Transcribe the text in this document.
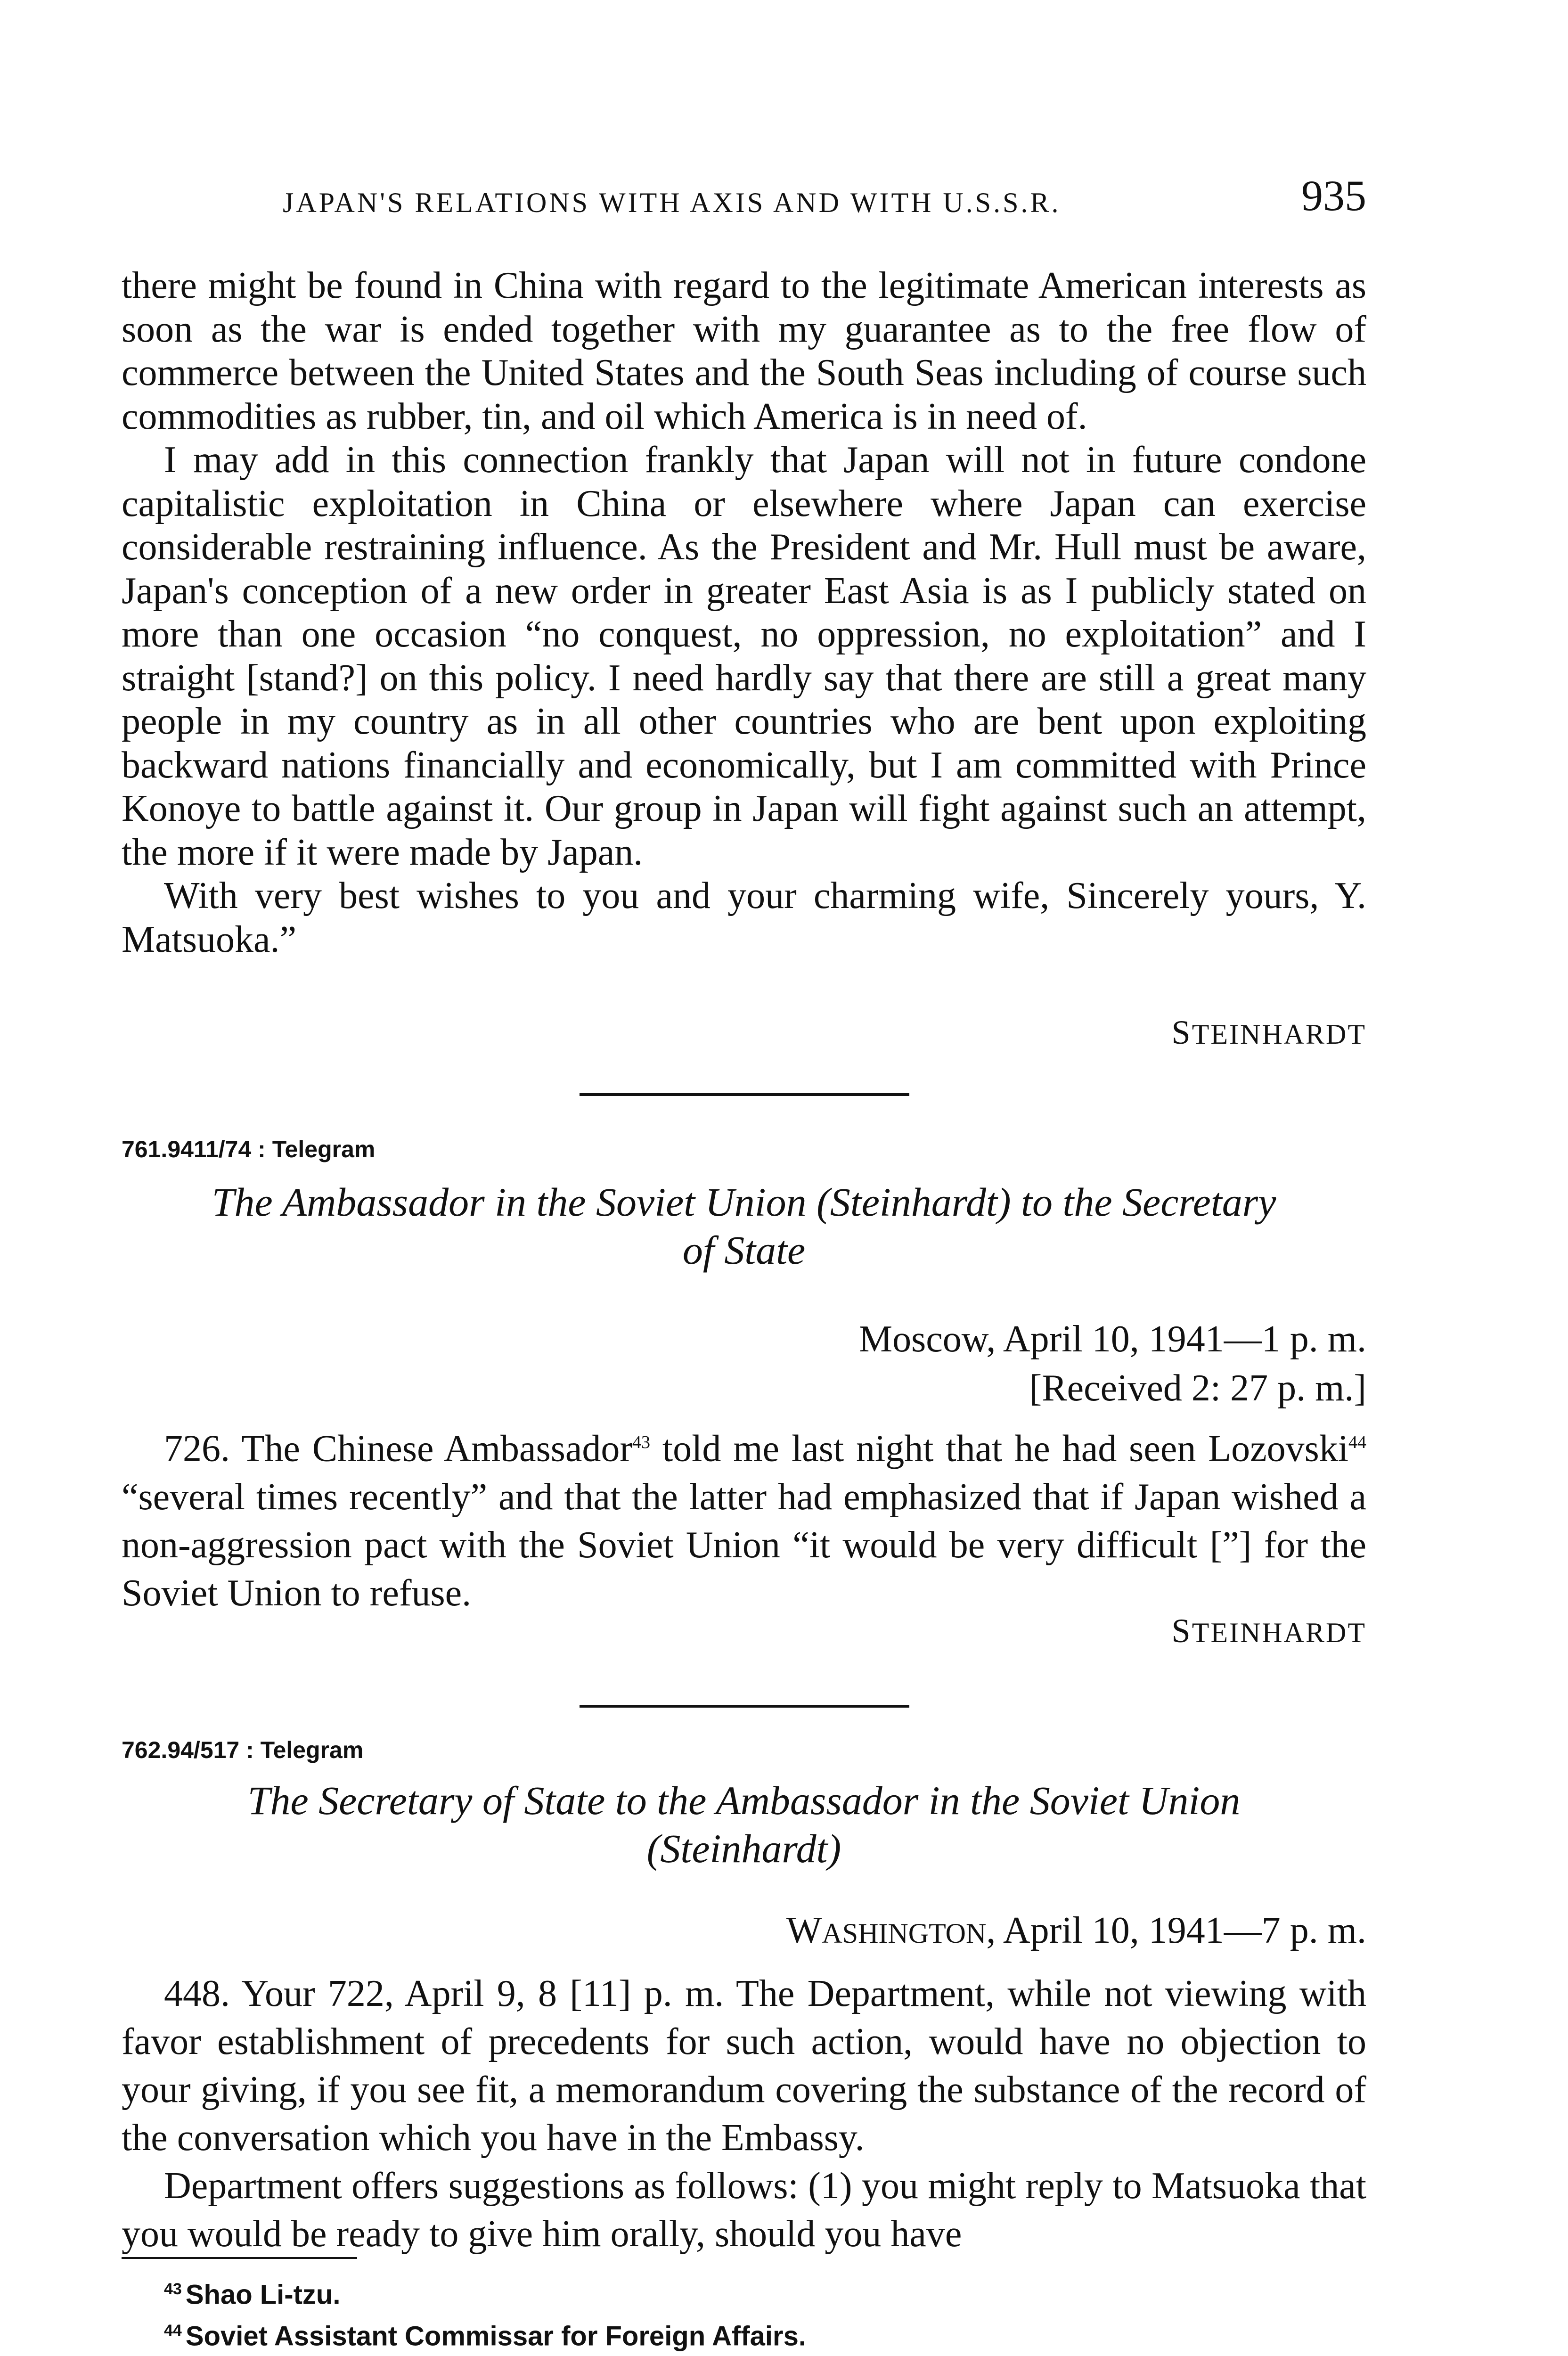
JAPAN'S RELATIONS WITH AXIS AND WITH U.S.S.R.	935

there might be found in China with regard to the legitimate American interests as soon as the war is ended together with my guarantee as to the free flow of commerce between the United States and the South Seas including of course such commodities as rubber, tin, and oil which America is in need of.

I may add in this connection frankly that Japan will not in future condone capitalistic exploitation in China or elsewhere where Japan can exercise considerable restraining influence. As the President and Mr. Hull must be aware, Japan's conception of a new order in greater East Asia is as I publicly stated on more than one occasion “no conquest, no oppression, no exploitation” and I straight [stand?] on this policy. I need hardly say that there are still a great many people in my country as in all other countries who are bent upon exploiting backward nations financially and economically, but I am committed with Prince Konoye to battle against it. Our group in Japan will fight against such an attempt, the more if it were made by Japan.

With very best wishes to you and your charming wife, Sincerely yours, Y. Matsuoka.”

STEINHARDT
761.9411/74 : Telegram
The Ambassador in the Soviet Union (Steinhardt) to the Secretary
of State
Moscow, April 10, 1941—1 p. m.
[Received 2: 27 p. m.]

726. The Chinese Ambassador$^{43}$ told me last night that he had seen Lozovski$^{44}$ “several times recently” and that the latter had emphasized that if Japan wished a non-aggression pact with the Soviet Union “it would be very difficult [”] for the Soviet Union to refuse.

STEINHARDT
762.94/517 : Telegram
The Secretary of State to the Ambassador in the Soviet Union
(Steinhardt)
WASHINGTON, April 10, 1941—7 p. m.

448. Your 722, April 9, 8 [11] p. m. The Department, while not viewing with favor establishment of precedents for such action, would have no objection to your giving, if you see fit, a memorandum covering the substance of the record of the conversation which you have in the Embassy.

Department offers suggestions as follows: (1) you might reply to Matsuoka that you would be ready to give him orally, should you have

$^{43}$ Shao Li-tzu.
$^{44}$ Soviet Assistant Commissar for Foreign Affairs.
